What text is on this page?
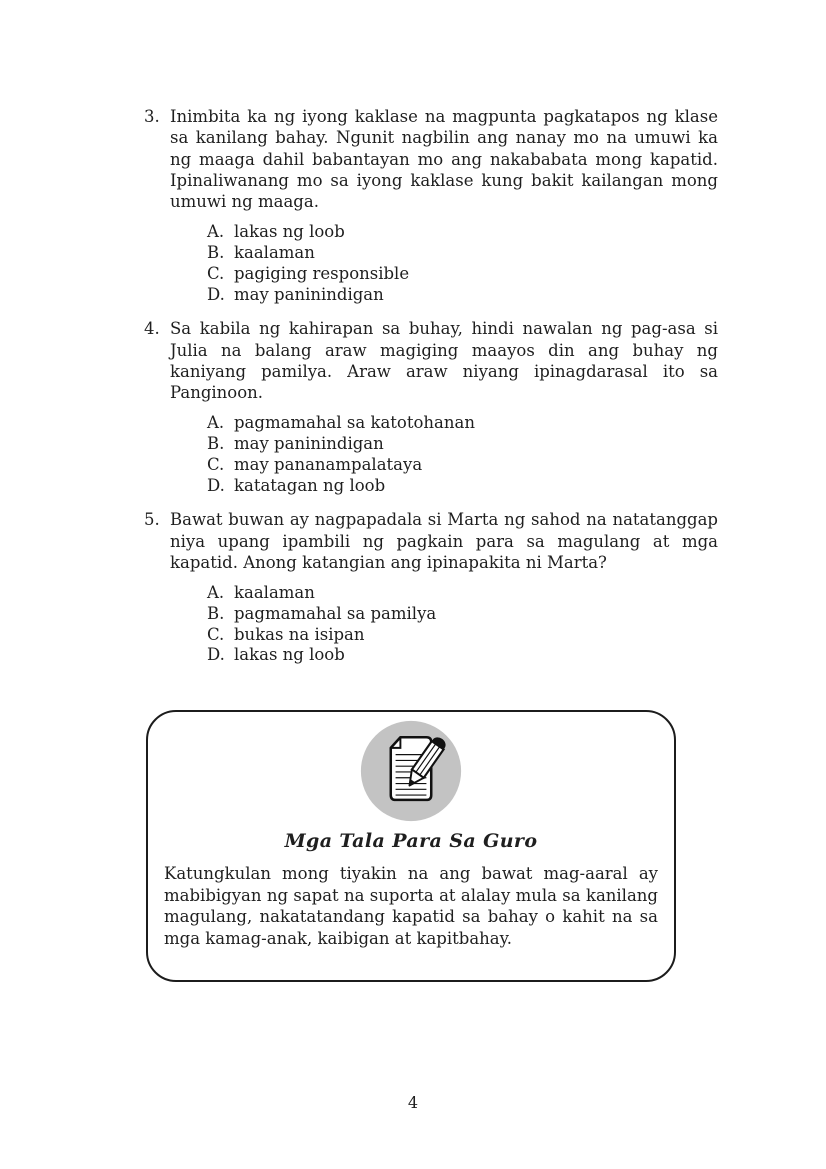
3. Inimbita ka ng iyong kaklase na magpunta pagkatapos ng klase sa kanilang bahay. Ngunit nagbilin ang nanay mo na umuwi ka ng maaga dahil babantayan mo ang nakababata mong kapatid. Ipinaliwanang mo sa iyong kaklase kung bakit kailangan mong umuwi ng maaga.

A. lakas ng loob
B. kaalaman
C. pagiging responsible
D. may paninindigan
4. Sa kabila ng kahirapan sa buhay, hindi nawalan ng pag-asa si Julia na balang araw magiging maayos din ang buhay ng kaniyang pamilya. Araw araw niyang ipinagdarasal ito sa Panginoon.

A. pagmamahal sa katotohanan
B. may paninindigan
C. may pananampalataya
D. katatagan ng loob
5. Bawat buwan ay nagpapadala si Marta ng sahod na natatanggap niya upang ipambili ng pagkain para sa magulang at mga kapatid. Anong katangian ang ipinapakita ni Marta?

A. kaalaman
B. pagmamahal sa pamilya
C. bukas na isipan
D. lakas ng loob
Mga Tala Para Sa Guro

Katungkulan mong tiyakin na ang bawat mag-aaral ay mabibigyan ng sapat na suporta at alalay mula sa kanilang magulang, nakatatandang kapatid sa bahay o kahit na sa mga kamag-anak, kaibigan at kapitbahay.

4
